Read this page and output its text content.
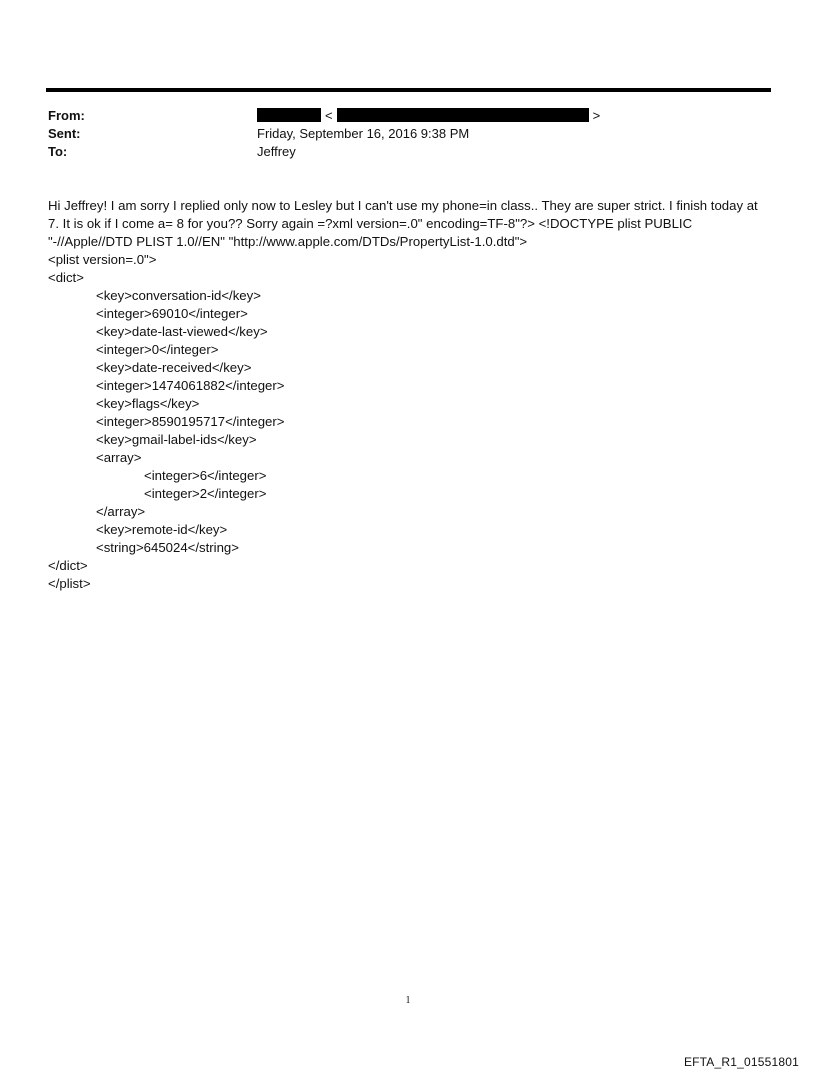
From:	<	>
Sent:	Friday, September 16, 2016 9:38 PM
To:	Jeffrey

Hi Jeffrey! I am sorry I replied only now to Lesley but I can't use my phone=in class.. They are super strict. I finish today at 7. It is ok if I come a= 8 for you?? Sorry again =?xml version=.0" encoding=TF-8"?> <!DOCTYPE plist PUBLIC "-//Apple//DTD PLIST 1.0//EN" "http://www.apple.com/DTDs/PropertyList-1.0.dtd">

<plist version=.0">
<dict>
<key>conversation-id</key>
<integer>69010</integer>
<key>date-last-viewed</key>
<integer>0</integer>
<key>date-received</key>
<integer>1474061882</integer>
<key>flags</key>
<integer>8590195717</integer>
<key>gmail-label-ids</key>
<array>
<integer>6</integer>
<integer>2</integer>
</array>
<key>remote-id</key>
<string>645024</string>
</dict>
</plist>
1
EFTA_R1_01551801
